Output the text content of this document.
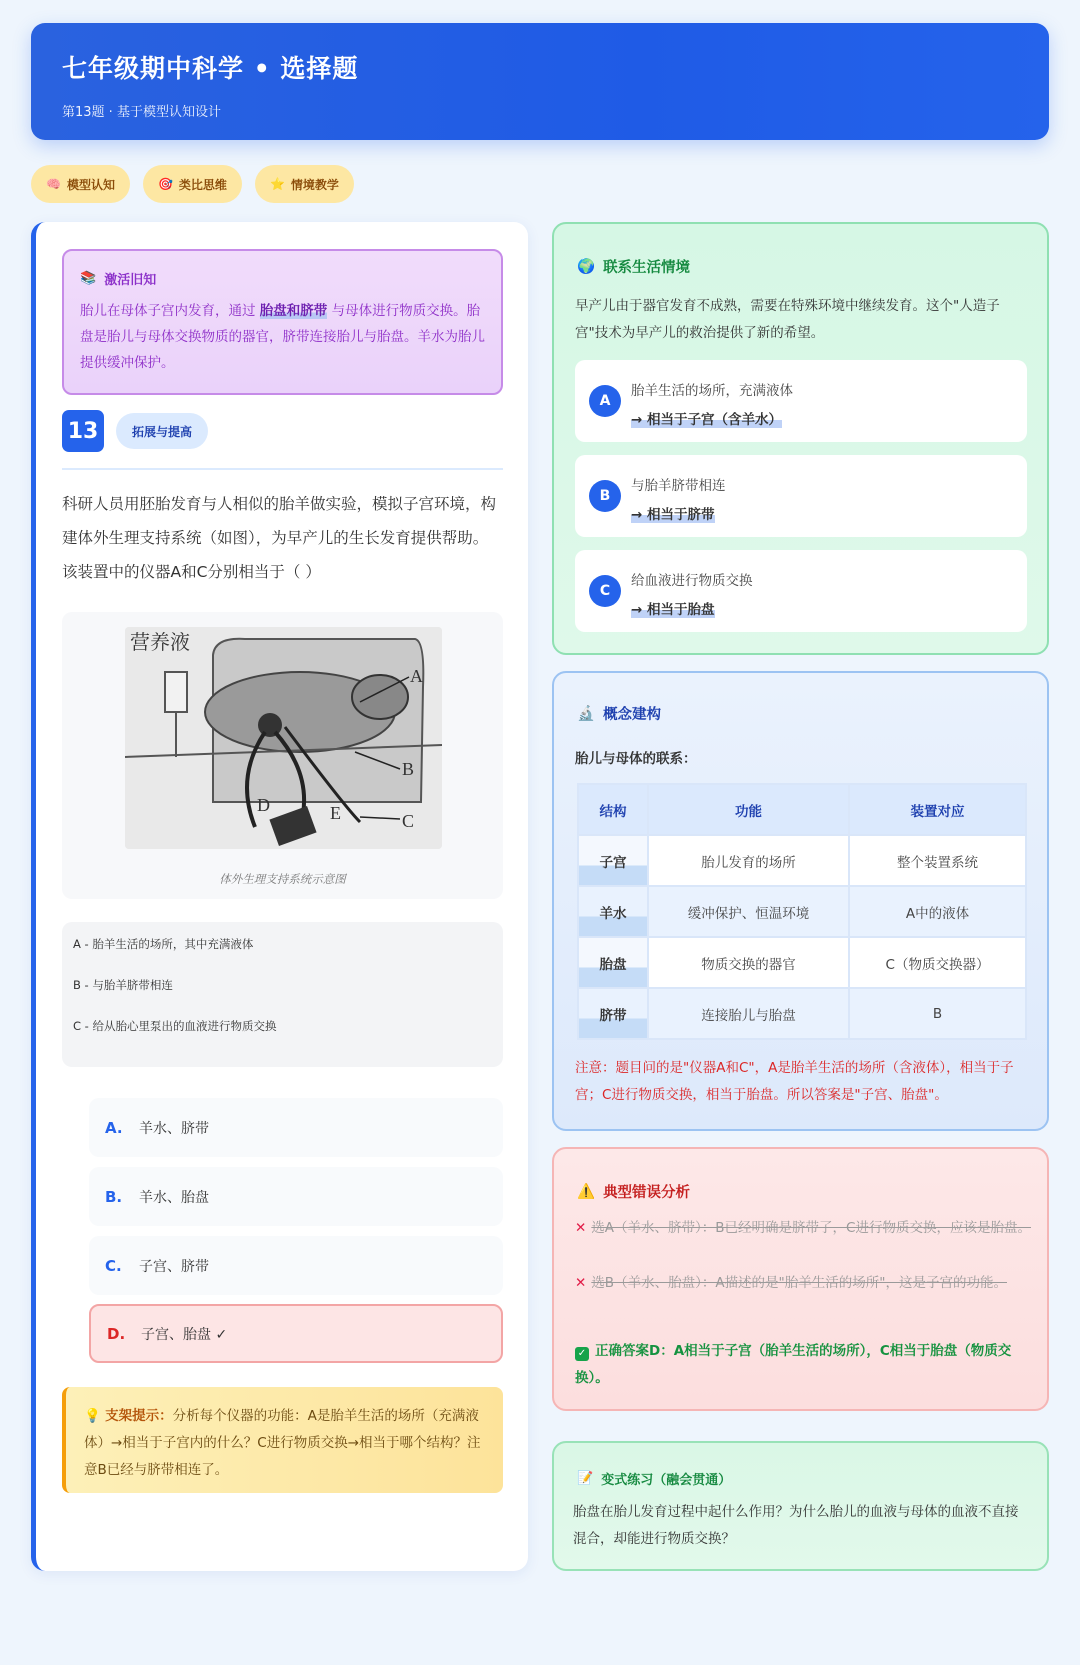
七年级期中科学 • 选择题
第13题 · 基于模型认知设计
🧠 模型认知	🎯 类比思维	⭐ 情境教学
📚 激活旧知
胎儿在母体子宫内发育，通过 胎盘和脐带 与母体进行物质交换。胎盘是胎儿与母体交换物质的器官，脐带连接胎儿与胎盘。羊水为胎儿提供缓冲保护。
13	拓展与提高
科研人员用胚胎发育与人相似的胎羊做实验，模拟子宫环境，构建体外生理支持系统（如图），为早产儿的生长发育提供帮助。该装置中的仪器A和C分别相当于（ ）
营养液
A
B
C
D	E
体外生理支持系统示意图
A - 胎羊生活的场所，其中充满液体
B - 与胎羊脐带相连
C - 给从胎心里泵出的血液进行物质交换
A. 羊水、脐带
B. 羊水、胎盘
C. 子宫、脐带
D. 子宫、胎盘 ✓
💡 支架提示：分析每个仪器的功能：A是胎羊生活的场所（充满液体）→相当于子宫内的什么？C进行物质交换→相当于哪个结构？注意B已经与脐带相连了。
🌍 联系生活情境
早产儿由于器官发育不成熟，需要在特殊环境中继续发育。这个"人造子宫"技术为早产儿的救治提供了新的希望。
A
胎羊生活的场所，充满液体
→ 相当于子宫（含羊水）
B
与胎羊脐带相连
→ 相当于脐带
C
给血液进行物质交换
→ 相当于胎盘
🔬 概念建构
胎儿与母体的联系：
结构	功能	装置对应
子宫	胎儿发育的场所	整个装置系统
羊水	缓冲保护、恒温环境	A中的液体
胎盘	物质交换的器官	C（物质交换器）
脐带	连接胎儿与胎盘	B
注意：题目问的是"仪器A和C"，A是胎羊生活的场所（含液体），相当于子宫；C进行物质交换，相当于胎盘。所以答案是"子宫、胎盘"。
⚠️ 典型错误分析
✕ 选A（羊水、脐带）：B已经明确是脐带了，C进行物质交换，应该是胎盘。
✕ 选B（羊水、胎盘）：A描述的是"胎羊生活的场所"，这是子宫的功能。
✓ 正确答案D：A相当于子宫（胎羊生活的场所），C相当于胎盘（物质交换）。
📝 变式练习（融会贯通）
胎盘在胎儿发育过程中起什么作用？为什么胎儿的血液与母体的血液不直接混合，却能进行物质交换？
